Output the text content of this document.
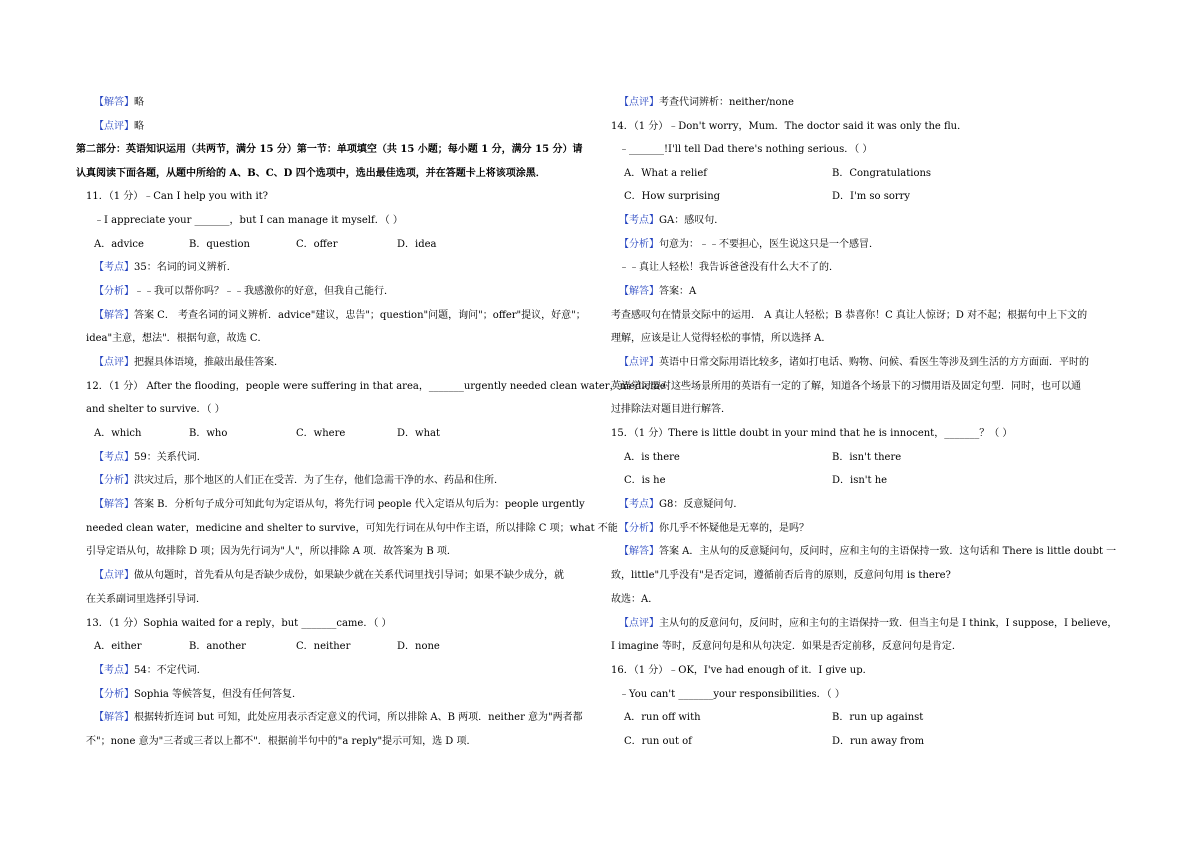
【解答】略
【点评】略
第二部分：英语知识运用（共两节，满分 15 分）第一节：单项填空（共 15 小题；每小题 1 分，满分 15 分）请
认真阅读下面各题，从题中所给的 A、B、C、D 四个选项中，选出最佳选项，并在答题卡上将该项涂黑．
11．（1 分）﹣Can I help you with it?
﹣I appreciate your _______，but I can manage it myself．（ ）
A．advice	B．question	C．offer	D．idea
【考点】35：名词的词义辨析．
【分析】﹣﹣我可以帮你吗？﹣﹣我感激你的好意，但我自己能行．
【解答】答案 C． 考查名词的词义辨析．advice"建议，忠告"；question"问题，询问"；offer"提议，好意"；
idea"主意，想法"．根据句意，故选 C．
【点评】把握具体语境，推敲出最佳答案．
12．（1 分） After the flooding，people were suffering in that area，_______urgently needed clean water，medicine
and shelter to survive．（ ）
A．which	B．who	C．where	D．what
【考点】59：关系代词．
【分析】洪灾过后，那个地区的人们正在受苦．为了生存，他们急需干净的水、药品和住所．
【解答】答案 B．分析句子成分可知此句为定语从句，将先行词 people 代入定语从句后为：people urgently
needed clean water，medicine and shelter to survive，可知先行词在从句中作主语，所以排除 C 项；what 不能
引导定语从句，故排除 D 项；因为先行词为"人"，所以排除 A 项．故答案为 B 项．
【点评】做从句题时，首先看从句是否缺少成份，如果缺少就在关系代词里找引导词；如果不缺少成分，就
在关系副词里选择引导词．
13．（1 分）Sophia waited for a reply，but _______came．（ ）
A．either	B．another	C．neither	D．none
【考点】54：不定代词．
【分析】Sophia 等候答复，但没有任何答复．
【解答】根据转折连词 but 可知，此处应用表示否定意义的代词，所以排除 A、B 两项．neither 意为"两者都
不"；none 意为"三者或三者以上都不"．根据前半句中的"a reply"提示可知，选 D 项．
【点评】考查代词辨析：neither/none
14．（1 分）﹣Don't worry，Mum．The doctor said it was only the flu．
﹣_______!I'll tell Dad there's nothing serious．（ ）
A．What a relief	B．Congratulations
C．How surprising	D．I'm so sorry
【考点】GA：感叹句．
【分析】句意为：﹣﹣不要担心，医生说这只是一个感冒．
﹣﹣真让人轻松！我告诉爸爸没有什么大不了的．
【解答】答案：A
考查感叹句在情景交际中的运用． A 真让人轻松；B 恭喜你！C 真让人惊讶；D 对不起；根据句中上下文的
理解，应该是让人觉得轻松的事情，所以选择 A．
【点评】英语中日常交际用语比较多，诸如打电话、购物、问候、看医生等涉及到生活的方方面面．平时的
英语学习要对这些场景所用的英语有一定的了解，知道各个场景下的习惯用语及固定句型．同时，也可以通
过排除法对题目进行解答．
15．（1 分）There is little doubt in your mind that he is innocent，_______？（ ）
A．is there	B．isn't there
C．is he	D．isn't he
【考点】G8：反意疑问句．
【分析】你几乎不怀疑他是无辜的，是吗？
【解答】答案 A．主从句的反意疑问句，反问时，应和主句的主语保持一致．这句话和 There is little doubt 一
致，little"几乎没有"是否定词，遵循前否后肯的原则，反意问句用 is there?
故选：A．
【点评】主从句的反意问句，反问时，应和主句的主语保持一致．但当主句是 I think，I suppose，I believe，
I imagine 等时，反意问句是和从句决定．如果是否定前移，反意问句是肯定．
16．（1 分）﹣OK，I've had enough of it．I give up．
﹣You can't _______your responsibilities．（ ）
A．run off with	B．run up against
C．run out of	D．run away from
